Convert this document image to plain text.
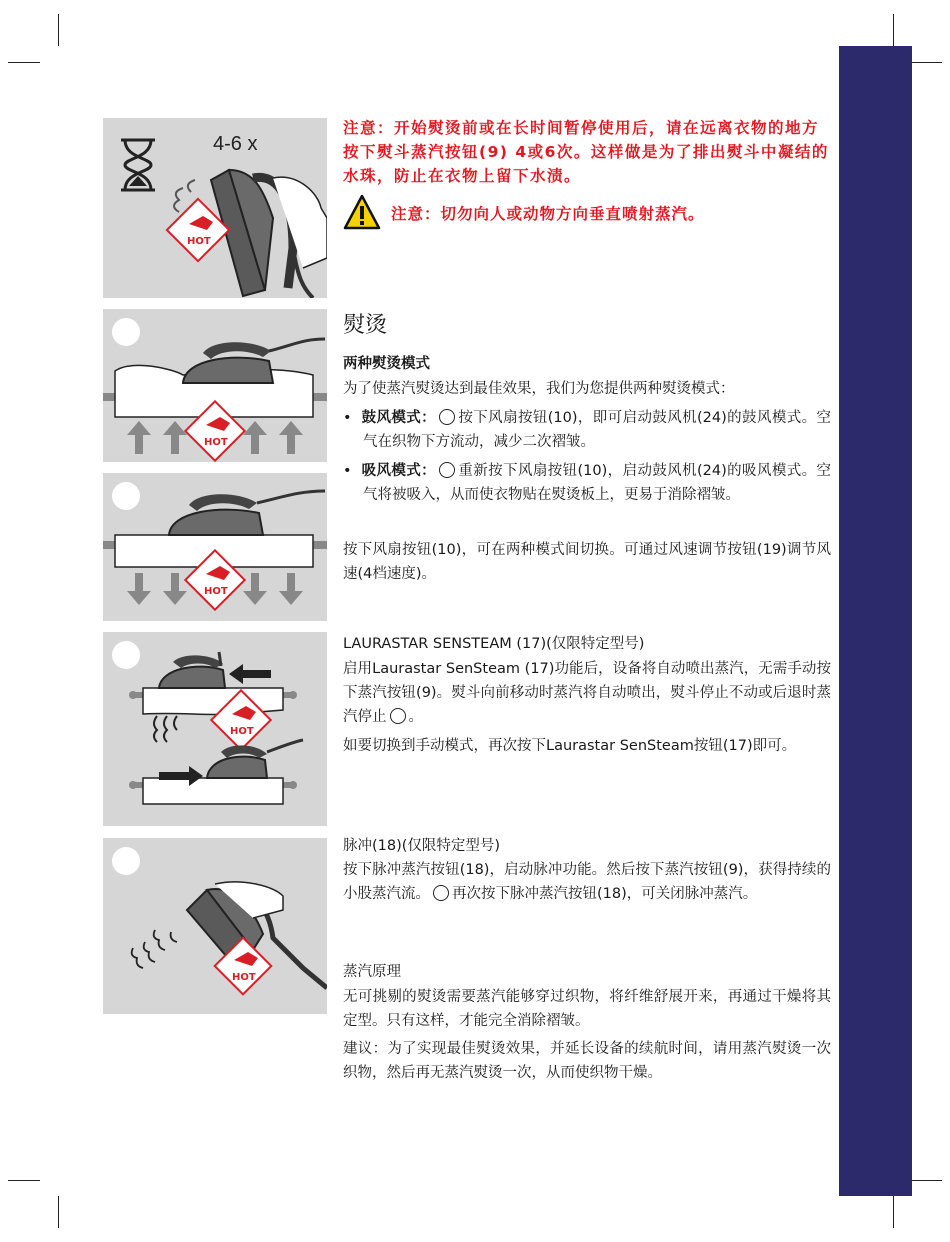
4-6 x
HOT
HOT
HOT
HOT
HOT

注意：开始熨烫前或在长时间暂停使用后，请在远离衣物的地方按下熨斗蒸汽按钮(9) 4或6次。这样做是为了排出熨斗中凝结的水珠，防止在衣物上留下水渍。

注意：切勿向人或动物方向垂直喷射蒸汽。

熨烫
两种熨烫模式

为了使蒸汽熨烫达到最佳效果，我们为您提供两种熨烫模式：

•  鼓风模式： 按下风扇按钮(10)，即可启动鼓风机(24)的鼓风模式。空气在织物下方流动，减少二次褶皱。

•  吸风模式： 重新按下风扇按钮(10)，启动鼓风机(24)的吸风模式。空气将被吸入，从而使衣物贴在熨烫板上，更易于消除褶皱。

按下风扇按钮(10)，可在两种模式间切换。可通过风速调节按钮(19)调节风速(4档速度)。

LAURASTAR SENSTEAM (17)(仅限特定型号)

启用Laurastar SenSteam (17)功能后，设备将自动喷出蒸汽，无需手动按下蒸汽按钮(9)。熨斗向前移动时蒸汽将自动喷出，熨斗停止不动或后退时蒸汽停止 。

如要切换到手动模式，再次按下Laurastar SenSteam按钮(17)即可。

脉冲(18)(仅限特定型号)

按下脉冲蒸汽按钮(18)，启动脉冲功能。然后按下蒸汽按钮(9)，获得持续的小股蒸汽流。 再次按下脉冲蒸汽按钮(18)，可关闭脉冲蒸汽。

蒸汽原理

无可挑剔的熨烫需要蒸汽能够穿过织物，将纤维舒展开来，再通过干燥将其定型。只有这样，才能完全消除褶皱。

建议：为了实现最佳熨烫效果，并延长设备的续航时间，请用蒸汽熨烫一次织物，然后再无蒸汽熨烫一次，从而使织物干燥。
